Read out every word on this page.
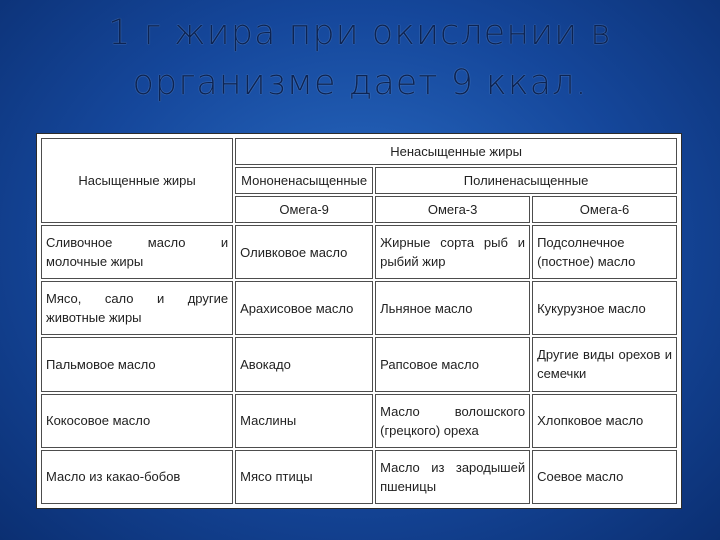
1 г жира при окислении в
организме дает 9 ккал.
Насыщенные жиры	Ненасыщенные жиры		
	Мононенасыщенные	Полиненасыщенные	
	Омега-9	Омега-3	Омега-6
Сливочное масло и молочные жиры	Оливковое масло	Жирные сорта рыб и рыбий жир	Подсолнечное (постное) масло
Мясо, сало и другие животные жиры	Арахисовое масло	Льняное масло	Кукурузное масло
Пальмовое масло	Авокадо	Рапсовое масло	Другие виды орехов и семечки
Кокосовое масло	Маслины	Масло волошского (грецкого) ореха	Хлопковое масло
Масло из какао-бобов	Мясо птицы	Масло из зародышей пшеницы	Соевое масло
